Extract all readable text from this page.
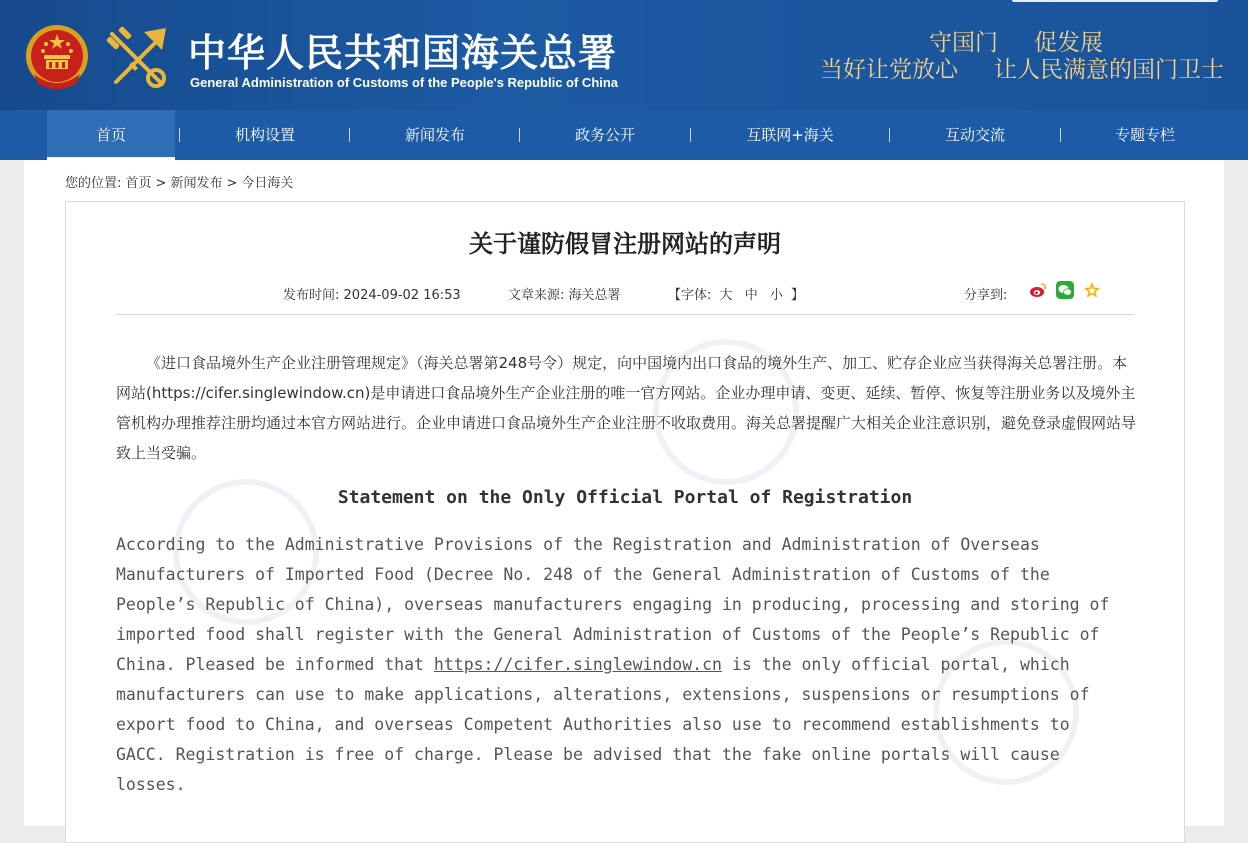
中华人民共和国海关总署
General Administration of Customs of the People's Republic of China
守国门 促发展
当好让党放心 让人民满意的国门卫士
首页	机构设置	新闻发布	政务公开	互联网+海关	互动交流	专题专栏
您的位置: 首页 > 新闻发布 > 今日海关
关于谨防假冒注册网站的声明
发布时间: 2024-09-02 16:53	文章来源: 海关总署	【字体: 大 中 小 】	分享到:
《进口食品境外生产企业注册管理规定》（海关总署第248号令）规定，向中国境内出口食品的境外生产、加工、贮存企业应当获得海关总署注册。本网站(https://cifer.singlewindow.cn)是申请进口食品境外生产企业注册的唯一官方网站。企业办理申请、变更、延续、暂停、恢复等注册业务以及境外主管机构办理推荐注册均通过本官方网站进行。企业申请进口食品境外生产企业注册不收取费用。海关总署提醒广大相关企业注意识别，避免登录虚假网站导致上当受骗。
Statement on the Only Official Portal of Registration
According to the Administrative Provisions of the Registration and Administration of Overseas
Manufacturers of Imported Food (Decree No. 248 of the General Administration of Customs of the
People’s Republic of China), overseas manufacturers engaging in producing, processing and storing of
imported food shall register with the General Administration of Customs of the People’s Republic of
China. Pleased be informed that https://cifer.singlewindow.cn is the only official portal, which
manufacturers can use to make applications, alterations, extensions, suspensions or resumptions of
export food to China, and overseas Competent Authorities also use to recommend establishments to
GACC. Registration is free of charge. Please be advised that the fake online portals will cause
losses.
